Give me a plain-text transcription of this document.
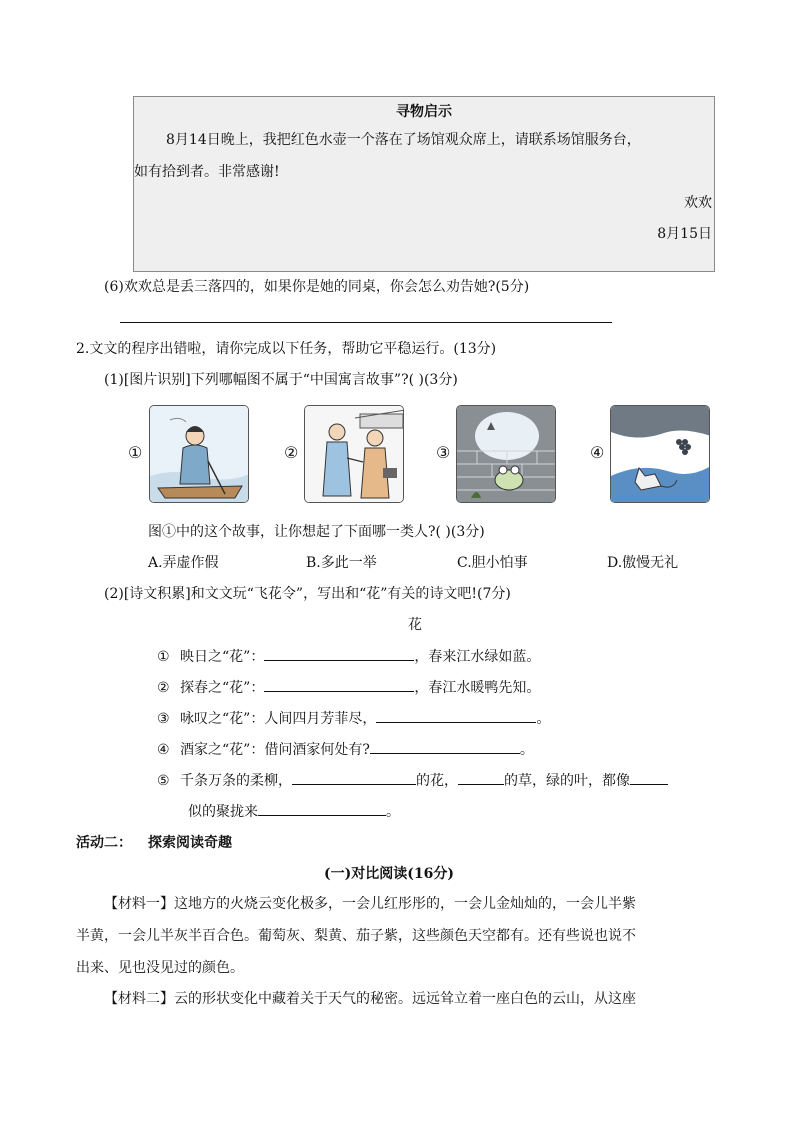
寻物启示
8月14日晚上，我把红色水壶一个落在了场馆观众席上，请联系场馆服务台，
如有拾到者。非常感谢!
欢欢
8月15日
(6)欢欢总是丢三落四的，如果你是她的同桌，你会怎么劝告她?(5分)
2.文文的程序出错啦，请你完成以下任务，帮助它平稳运行。(13分)
(1)[图片识别]下列哪幅图不属于“中国寓言故事”?( )(3分)
①	②	③	④
图①中的这个故事，让你想起了下面哪一类人?( )(3分)
A.弄虚作假	B.多此一举	C.胆小怕事	D.傲慢无礼
(2)[诗文积累]和文文玩“飞花令”，写出和“花”有关的诗文吧!(7分)
花
① 映日之“花”：	，春来江水绿如蓝。
② 探春之“花”：	，春江水暖鸭先知。
③ 咏叹之“花”：人间四月芳菲尽，	。
④ 酒家之“花”：借问酒家何处有?	。
⑤ 千条万条的柔柳，	的花，	的草，绿的叶，都像
似的聚拢来	。
活动二： 探索阅读奇趣
(一)对比阅读(16分)
【材料一】这地方的火烧云变化极多，一会儿红彤彤的，一会儿金灿灿的，一会儿半紫
半黄，一会儿半灰半百合色。葡萄灰、梨黄、茄子紫，这些颜色天空都有。还有些说也说不
出来、见也没见过的颜色。
【材料二】云的形状变化中藏着关于天气的秘密。远远耸立着一座白色的云山，从这座
